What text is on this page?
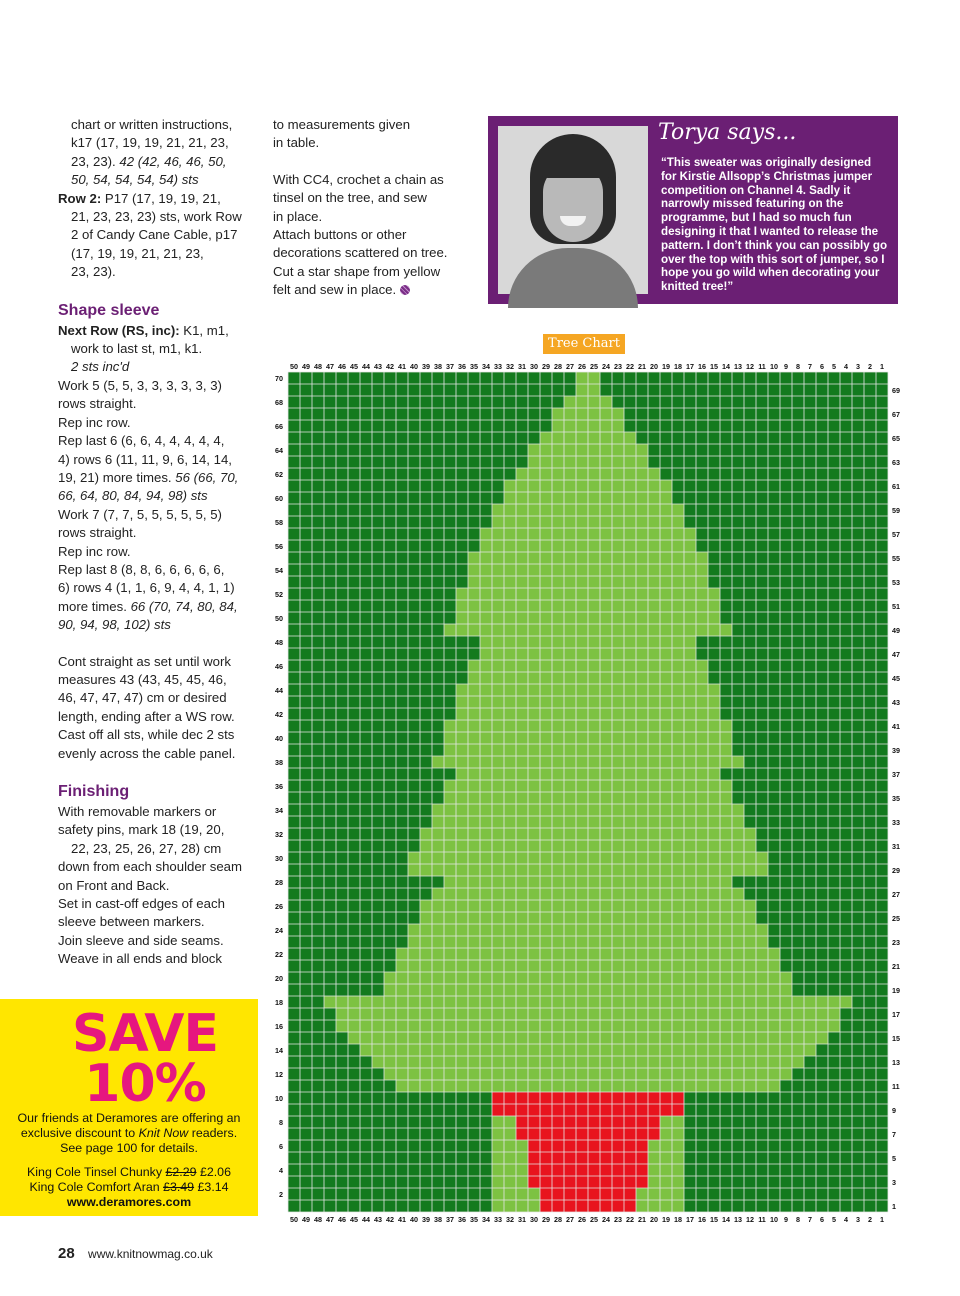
chart or written instructions,

k17 (17, 19, 19, 21, 21, 23,

23, 23). 42 (42, 46, 46, 50,

50, 54, 54, 54, 54) sts

Row 2: P17 (17, 19, 19, 21,

21, 23, 23, 23) sts, work Row

2 of Candy Cane Cable, p17

(17, 19, 19, 21, 21, 23,

23, 23).

Shape sleeve

Next Row (RS, inc): K1, m1,

work to last st, m1, k1.

2 sts inc'd

Work 5 (5, 5, 3, 3, 3, 3, 3, 3)

rows straight.

Rep inc row.

Rep last 6 (6, 6, 4, 4, 4, 4, 4,

4) rows 6 (11, 11, 9, 6, 14, 14,

19, 21) more times. 56 (66, 70,

66, 64, 80, 84, 94, 98) sts

Work 7 (7, 7, 5, 5, 5, 5, 5, 5)

rows straight.

Rep inc row.

Rep last 8 (8, 8, 6, 6, 6, 6, 6,

6) rows 4 (1, 1, 6, 9, 4, 4, 1, 1)

more times. 66 (70, 74, 80, 84,

90, 94, 98, 102) sts

Cont straight as set until work

measures 43 (43, 45, 45, 46,

46, 47, 47, 47) cm or desired

length, ending after a WS row.

Cast off all sts, while dec 2 sts

evenly across the cable panel.

Finishing

With removable markers or

safety pins, mark 18 (19, 20,

22, 23, 25, 26, 27, 28) cm

down from each shoulder seam

on Front and Back.

Set in cast-off edges of each

sleeve between markers.

Join sleeve and side seams.

Weave in all ends and block

to measurements given

in table.

With CC4, crochet a chain as

tinsel on the tree, and sew

in place.

Attach buttons or other

decorations scattered on tree.

Cut a star shape from yellow

felt and sew in place.

Torya says...
“This sweater was originally designed for Kirstie Allsopp’s Christmas jumper competition on Channel 4. Sadly it narrowly missed featuring on the programme, but I had so much fun designing it that I wanted to release the pattern. I don’t think you can possibly go over the top with this sort of jumper, so I hope you go wild when decorating your knitted tree!”
Tree Chart
50
50
49
49
48
48
47
47
46
46
45
45
44
44
43
43
42
42
41
41
40
40
39
39
38
38
37
37
36
36
35
35
34
34
33
33
32
32
31
31
30
30
29
29
28
28
27
27
26
26
25
25
24
24
23
23
22
22
21
21
20
20
19
19
18
18
17
17
16
16
15
15
14
14
13
13
12
12
11
11
10
10
9
9
8
8
7
7
6
6
5
5
4
4
3
3
2
2
1
1
1
2
3
4
5
6
7
8
9
10
11
12
13
14
15
16
17
18
19
20
21
22
23
24
25
26
27
28
29
30
31
32
33
34
35
36
37
38
39
40
41
42
43
44
45
46
47
48
49
50
51
52
53
54
55
56
57
58
59
60
61
62
63
64
65
66
67
68
69
70
SAVE
10%
Our friends at Deramores are offering an
exclusive discount to Knit Now readers.
See page 100 for details.
King Cole Tinsel Chunky £2.29 £2.06
King Cole Comfort Aran £3.49 £3.14
www.deramores.com
28 www.knitnowmag.co.uk
